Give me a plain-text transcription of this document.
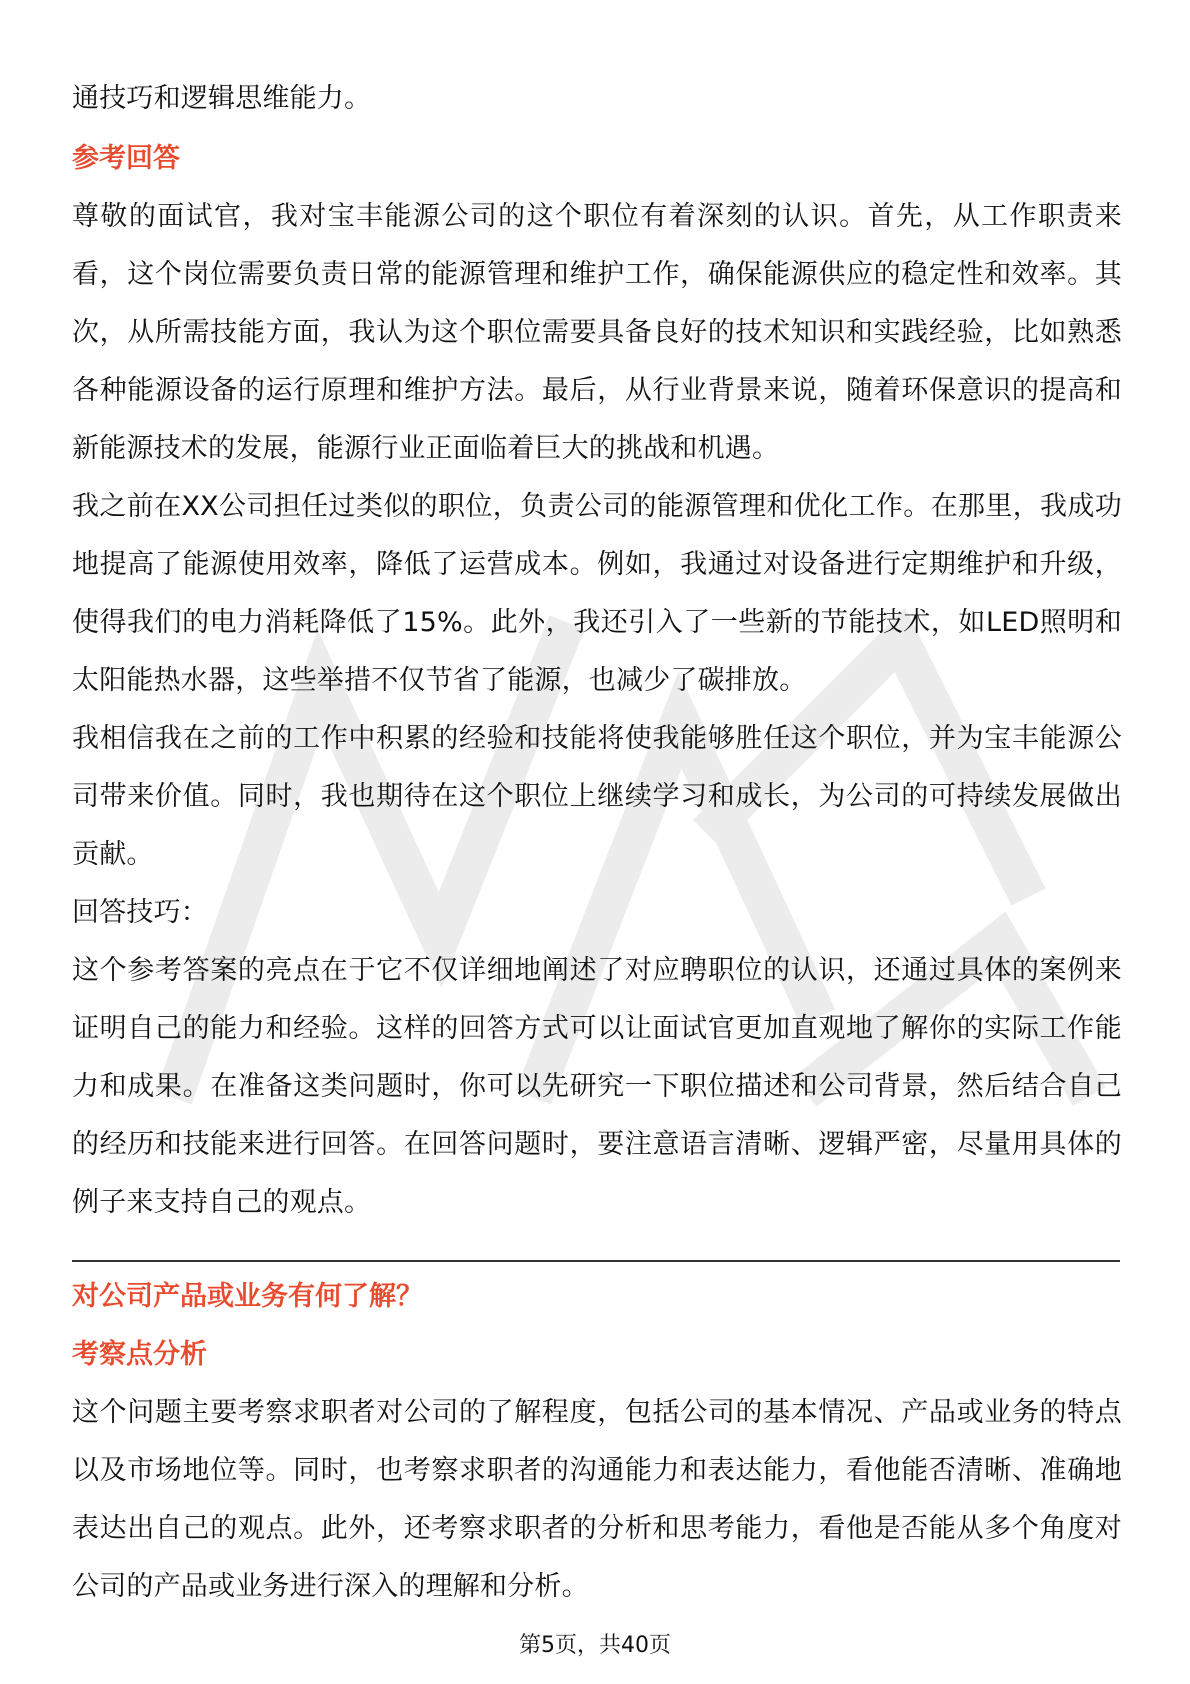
通技巧和逻辑思维能力。

参考回答

尊敬的面试官，我对宝丰能源公司的这个职位有着深刻的认识。首先，从工作职责来看，这个岗位需要负责日常的能源管理和维护工作，确保能源供应的稳定性和效率。其次，从所需技能方面，我认为这个职位需要具备良好的技术知识和实践经验，比如熟悉各种能源设备的运行原理和维护方法。最后，从行业背景来说，随着环保意识的提高和新能源技术的发展，能源行业正面临着巨大的挑战和机遇。

我之前在XX公司担任过类似的职位，负责公司的能源管理和优化工作。在那里，我成功地提高了能源使用效率，降低了运营成本。例如，我通过对设备进行定期维护和升级，使得我们的电力消耗降低了15%。此外，我还引入了一些新的节能技术，如LED照明和太阳能热水器，这些举措不仅节省了能源，也减少了碳排放。

我相信我在之前的工作中积累的经验和技能将使我能够胜任这个职位，并为宝丰能源公司带来价值。同时，我也期待在这个职位上继续学习和成长，为公司的可持续发展做出贡献。

回答技巧：

这个参考答案的亮点在于它不仅详细地阐述了对应聘职位的认识，还通过具体的案例来证明自己的能力和经验。这样的回答方式可以让面试官更加直观地了解你的实际工作能力和成果。在准备这类问题时，你可以先研究一下职位描述和公司背景，然后结合自己的经历和技能来进行回答。在回答问题时，要注意语言清晰、逻辑严密，尽量用具体的例子来支持自己的观点。

对公司产品或业务有何了解？

考察点分析

这个问题主要考察求职者对公司的了解程度，包括公司的基本情况、产品或业务的特点以及市场地位等。同时，也考察求职者的沟通能力和表达能力，看他能否清晰、准确地表达出自己的观点。此外，还考察求职者的分析和思考能力，看他是否能从多个角度对公司的产品或业务进行深入的理解和分析。

第5页，共40页
